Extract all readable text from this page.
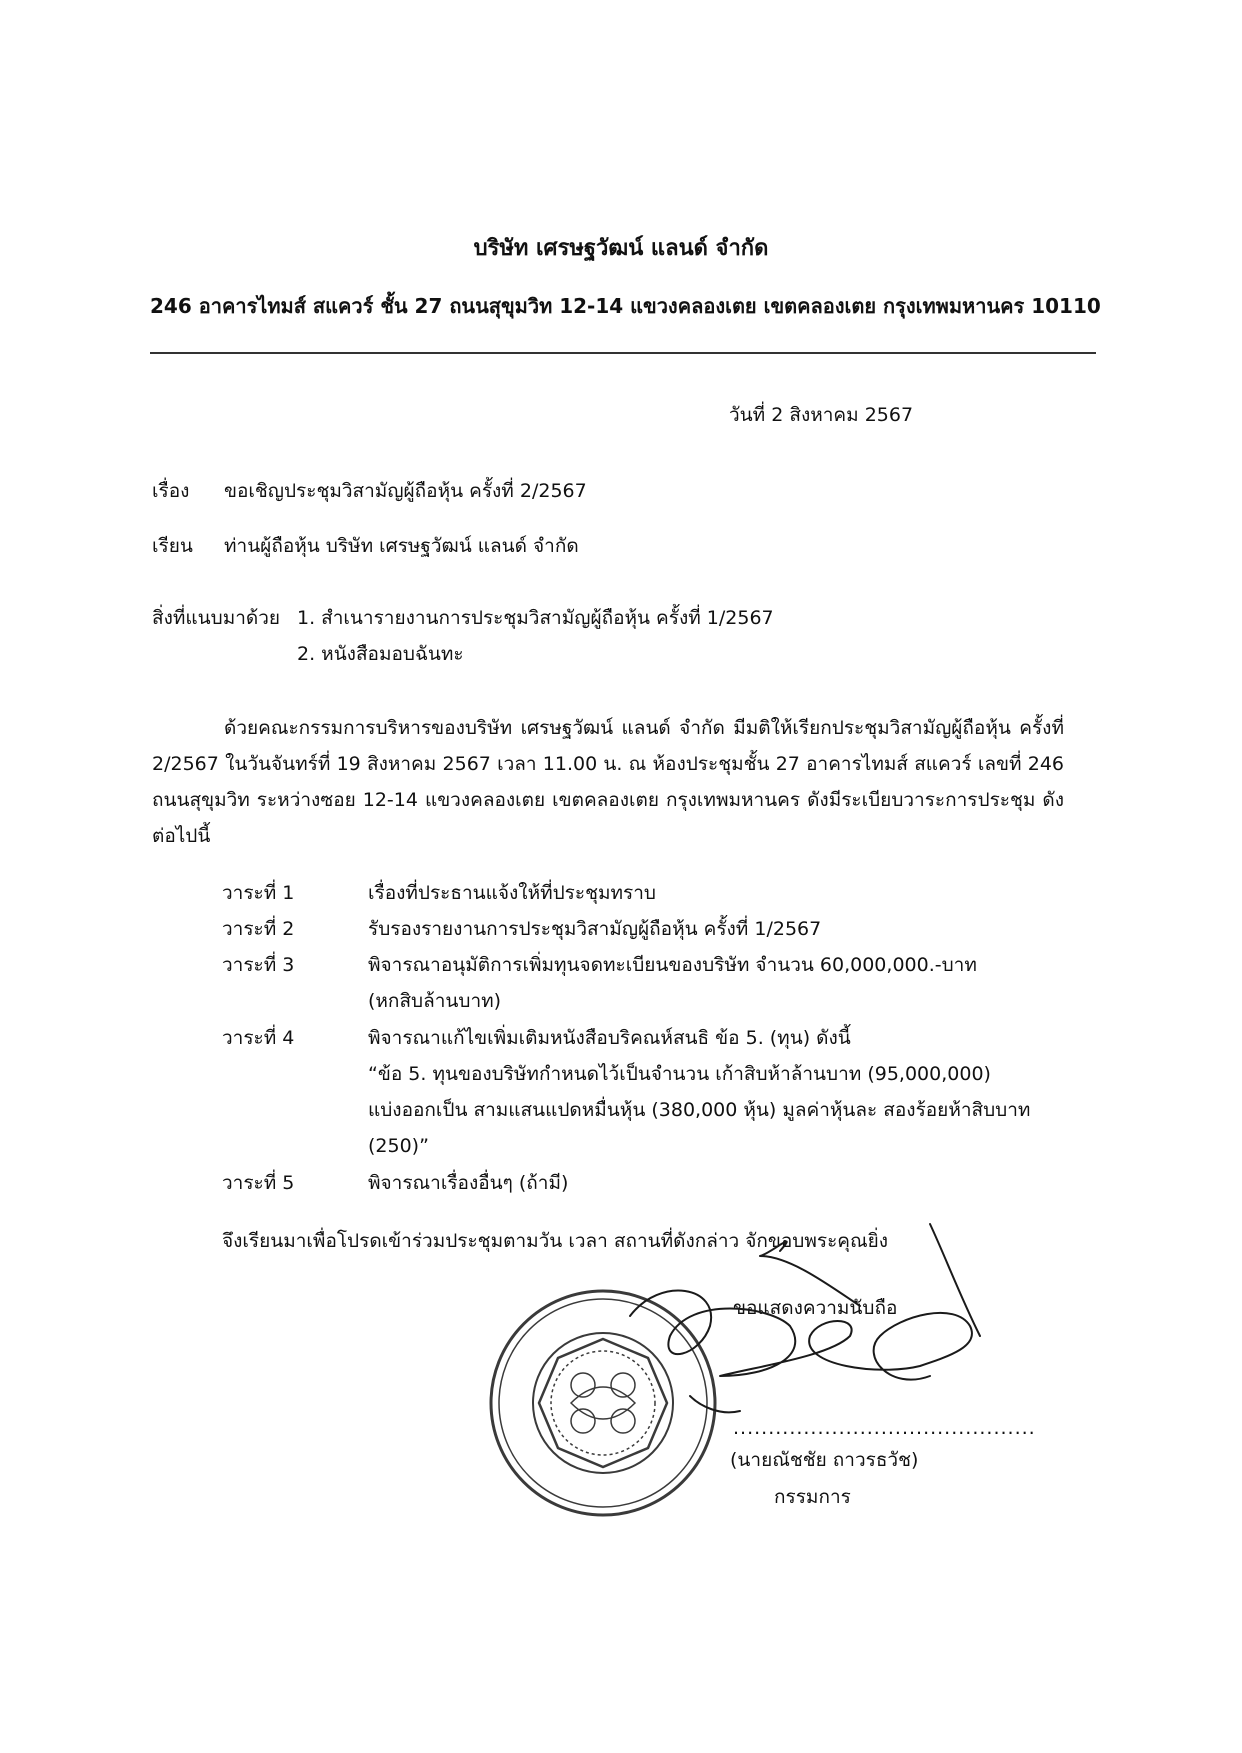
บริษัท เศรษฐวัฒน์ แลนด์ จำกัด
246 อาคารไทมส์ สแควร์ ชั้น 27 ถนนสุขุมวิท 12-14 แขวงคลองเตย เขตคลองเตย กรุงเทพมหานคร 10110
วันที่ 2 สิงหาคม 2567
เรื่อง	ขอเชิญประชุมวิสามัญผู้ถือหุ้น ครั้งที่ 2/2567
เรียน	ท่านผู้ถือหุ้น บริษัท เศรษฐวัฒน์ แลนด์ จำกัด
สิ่งที่แนบมาด้วย 1. สำเนารายงานการประชุมวิสามัญผู้ถือหุ้น ครั้งที่ 1/2567
2. หนังสือมอบฉันทะ
ด้วยคณะกรรมการบริหารของบริษัท เศรษฐวัฒน์ แลนด์ จำกัด มีมติให้เรียกประชุมวิสามัญผู้ถือหุ้น ครั้งที่ 2/2567 ในวันจันทร์ที่ 19 สิงหาคม 2567 เวลา 11.00 น. ณ ห้องประชุมชั้น 27 อาคารไทมส์ สแควร์ เลขที่ 246 ถนนสุขุมวิท ระหว่างซอย 12-14 แขวงคลองเตย เขตคลองเตย กรุงเทพมหานคร ดังมีระเบียบวาระการประชุม ดังต่อไปนี้
วาระที่ 1	เรื่องที่ประธานแจ้งให้ที่ประชุมทราบ
วาระที่ 2	รับรองรายงานการประชุมวิสามัญผู้ถือหุ้น ครั้งที่ 1/2567
วาระที่ 3	พิจารณาอนุมัติการเพิ่มทุนจดทะเบียนของบริษัท จำนวน 60,000,000.-บาท
(หกสิบล้านบาท)
วาระที่ 4	พิจารณาแก้ไขเพิ่มเติมหนังสือบริคณห์สนธิ ข้อ 5. (ทุน) ดังนี้
“ข้อ 5. ทุนของบริษัทกำหนดไว้เป็นจำนวน เก้าสิบห้าล้านบาท (95,000,000)
แบ่งออกเป็น สามแสนแปดหมื่นหุ้น (380,000 หุ้น) มูลค่าหุ้นละ สองร้อยห้าสิบบาท
(250)”
วาระที่ 5	พิจารณาเรื่องอื่นๆ (ถ้ามี)
จึงเรียนมาเพื่อโปรดเข้าร่วมประชุมตามวัน เวลา สถานที่ดังกล่าว จักขอบพระคุณยิ่ง
ขอแสดงความนับถือ
...........................................
(นายณัชชัย ถาวรธวัช)
กรรมการ
